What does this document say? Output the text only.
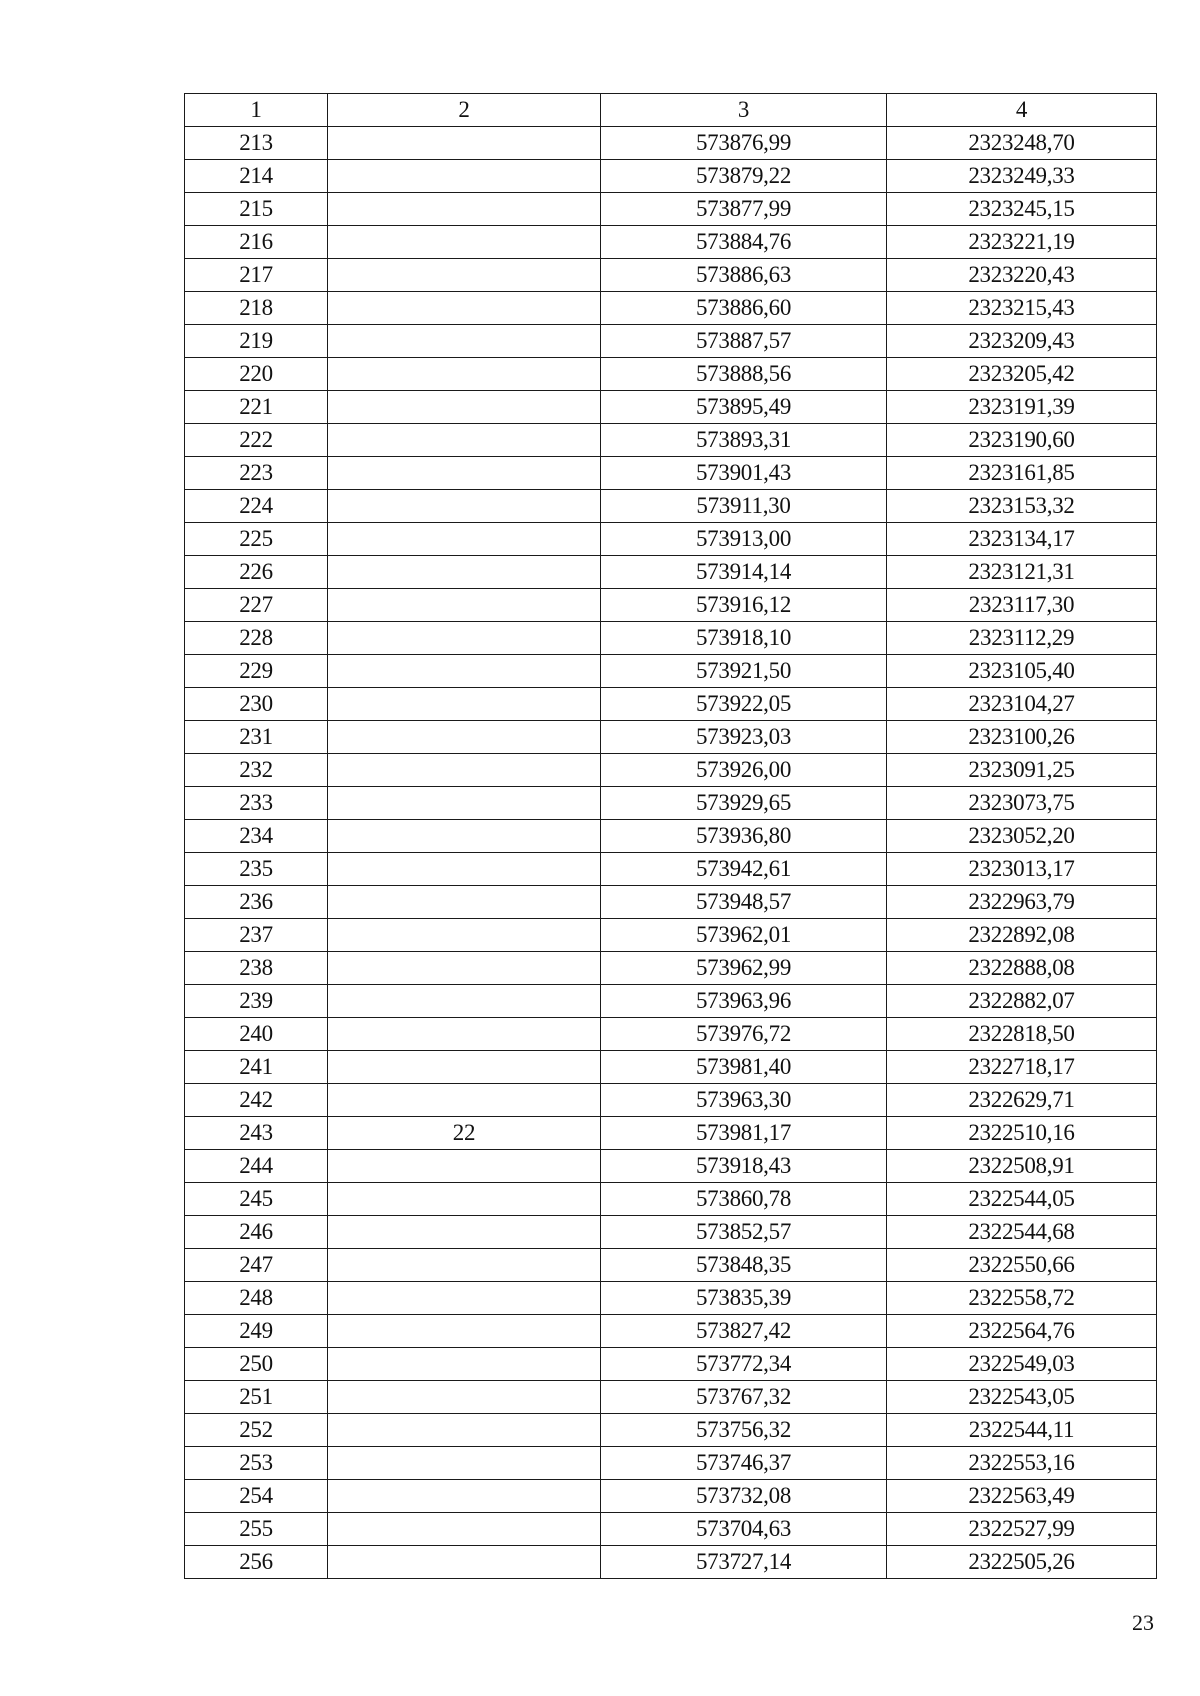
1	2	3	4
213		573876,99	2323248,70
214		573879,22	2323249,33
215		573877,99	2323245,15
216		573884,76	2323221,19
217		573886,63	2323220,43
218		573886,60	2323215,43
219		573887,57	2323209,43
220		573888,56	2323205,42
221		573895,49	2323191,39
222		573893,31	2323190,60
223		573901,43	2323161,85
224		573911,30	2323153,32
225		573913,00	2323134,17
226		573914,14	2323121,31
227		573916,12	2323117,30
228		573918,10	2323112,29
229		573921,50	2323105,40
230		573922,05	2323104,27
231		573923,03	2323100,26
232		573926,00	2323091,25
233		573929,65	2323073,75
234		573936,80	2323052,20
235		573942,61	2323013,17
236		573948,57	2322963,79
237		573962,01	2322892,08
238		573962,99	2322888,08
239		573963,96	2322882,07
240		573976,72	2322818,50
241		573981,40	2322718,17
242		573963,30	2322629,71
243	22	573981,17	2322510,16
244		573918,43	2322508,91
245		573860,78	2322544,05
246		573852,57	2322544,68
247		573848,35	2322550,66
248		573835,39	2322558,72
249		573827,42	2322564,76
250		573772,34	2322549,03
251		573767,32	2322543,05
252		573756,32	2322544,11
253		573746,37	2322553,16
254		573732,08	2322563,49
255		573704,63	2322527,99
256		573727,14	2322505,26
23
